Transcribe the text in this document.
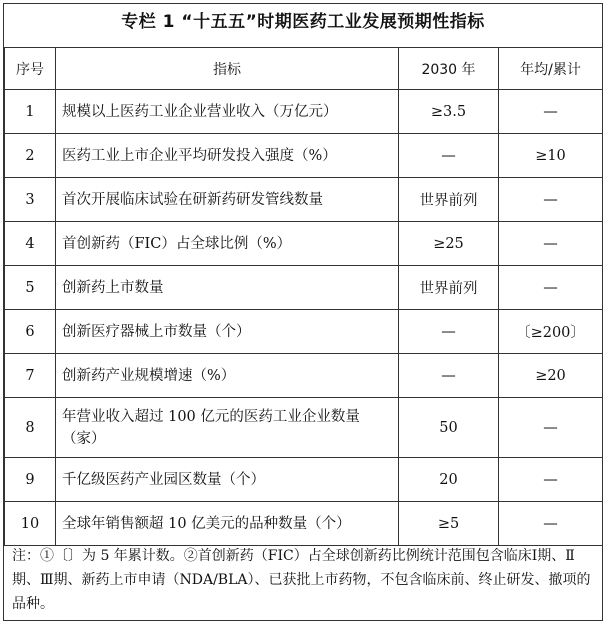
专栏 1 “十五五”时期医药工业发展预期性指标
序号	指标	2030 年	年均/累计
1	规模以上医药工业企业营业收入（万亿元）	≥3.5	—
2	医药工业上市企业平均研发投入强度（%）	—	≥10
3	首次开展临床试验在研新药研发管线数量	世界前列	—
4	首创新药（FIC）占全球比例（%）	≥25	—
5	创新药上市数量	世界前列	—
6	创新医疗器械上市数量（个）	—	〔≥200〕
7	创新药产业规模增速（%）	—	≥20
8	年营业收入超过 100 亿元的医药工业企业数量（家）	50	—
9	千亿级医药产业园区数量（个）	20	—
10	全球年销售额超 10 亿美元的品种数量（个）	≥5	—
注：①〔〕为 5 年累计数。②首创新药（FIC）占全球创新药比例统计范围包含临床Ⅰ期、Ⅱ期、Ⅲ期、新药上市申请（NDA/BLA）、已获批上市药物，不包含临床前、终止研发、撤项的品种。
